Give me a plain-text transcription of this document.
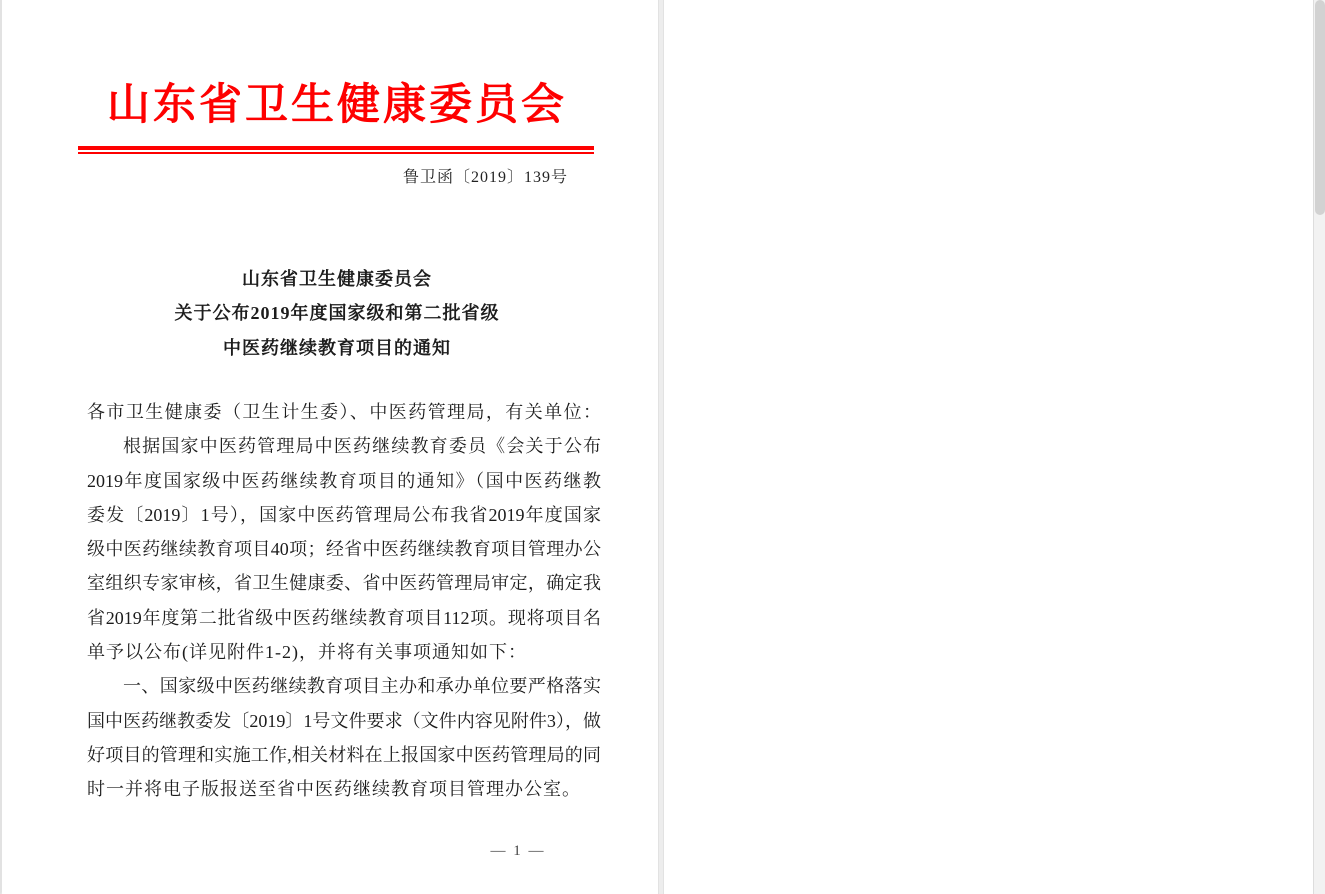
山东省卫生健康委员会
鲁卫函〔2019〕139号
山东省卫生健康委员会
关于公布2019年度国家级和第二批省级
中医药继续教育项目的通知
各市卫生健康委（卫生计生委）、中医药管理局，有关单位：
根据国家中医药管理局中医药继续教育委员《会关于公布
2019年度国家级中医药继续教育项目的通知》（国中医药继教
委发〔2019〕1号），国家中医药管理局公布我省2019年度国家
级中医药继续教育项目40项；经省中医药继续教育项目管理办公
室组织专家审核，省卫生健康委、省中医药管理局审定，确定我
省2019年度第二批省级中医药继续教育项目112项。现将项目名
单予以公布(详见附件1-2)，并将有关事项通知如下：
一、国家级中医药继续教育项目主办和承办单位要严格落实
国中医药继教委发〔2019〕1号文件要求（文件内容见附件3），做
好项目的管理和实施工作,相关材料在上报国家中医药管理局的同
时一并将电子版报送至省中医药继续教育项目管理办公室。
— 1 —
